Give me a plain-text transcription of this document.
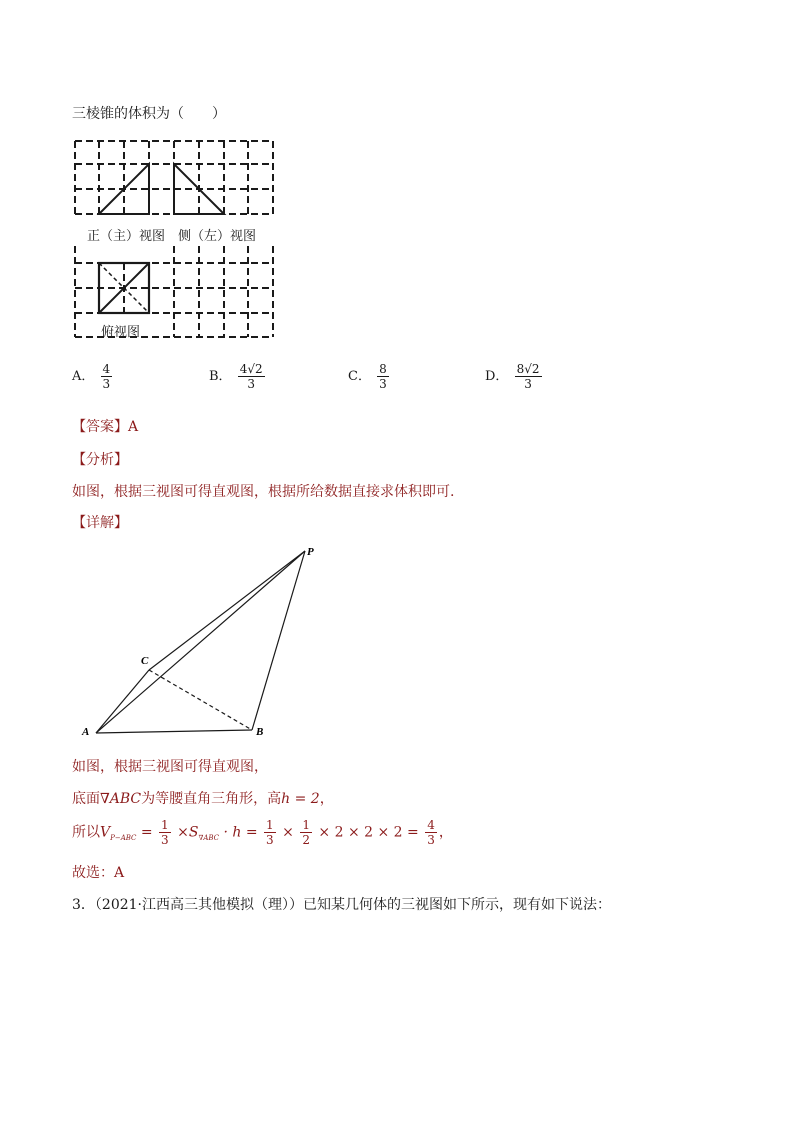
三棱锥的体积为（　　）
正（主）视图 侧（左）视图
俯视图
A． $\frac{4}{3}$	B． $\frac{4√2}{3}$	C． $\frac{8}{3}$	D． $\frac{8√2}{3}$
【答案】A
【分析】
如图，根据三视图可得直观图，根据所给数据直接求体积即可.
【详解】
P
C
A	B
如图，根据三视图可得直观图，
底面∇ABC为等腰直角三角形，高h = 2，
所以$V_{P-ABC} = \frac{1}{3} \times S_{\nabla ABC} \cdot h = \frac{1}{3} \times \frac{1}{2} \times 2 \times 2 \times 2 = \frac{4}{3}$ ，
故选：A
3．（2021·江西高三其他模拟（理））已知某几何体的三视图如下所示，现有如下说法：
